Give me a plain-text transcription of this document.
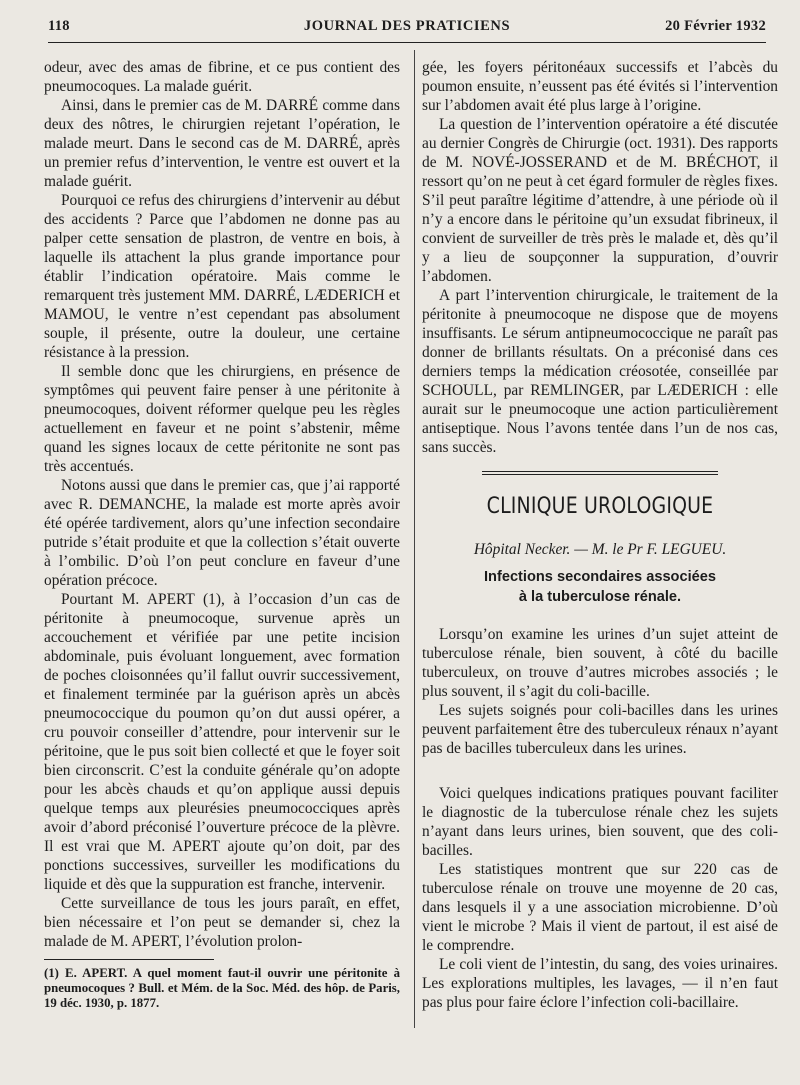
118	JOURNAL DES PRATICIENS	20 Février 1932

odeur, avec des amas de fibrine, et ce pus contient des pneumocoques. La malade guérit.

Ainsi, dans le premier cas de M. DARRÉ comme dans deux des nôtres, le chirurgien rejetant l’opération, le malade meurt. Dans le second cas de M. DARRÉ, après un premier refus d’intervention, le ventre est ouvert et la malade guérit.

Pourquoi ce refus des chirurgiens d’intervenir au début des accidents ? Parce que l’abdomen ne donne pas au palper cette sensation de plastron, de ventre en bois, à laquelle ils attachent la plus grande importance pour établir l’indication opératoire. Mais comme le remarquent très justement MM. DARRÉ, LÆDERICH et MAMOU, le ventre n’est cependant pas absolument souple, il présente, outre la douleur, une certaine résistance à la pression.

Il semble donc que les chirurgiens, en présence de symptômes qui peuvent faire penser à une péritonite à pneumocoques, doivent réformer quelque peu les règles actuellement en faveur et ne point s’abstenir, même quand les signes locaux de cette péritonite ne sont pas très accentués.

Notons aussi que dans le premier cas, que j’ai rapporté avec R. DEMANCHE, la malade est morte après avoir été opérée tardivement, alors qu’une infection secondaire putride s’était produite et que la collection s’était ouverte à l’ombilic. D’où l’on peut conclure en faveur d’une opération précoce.

Pourtant M. APERT (1), à l’occasion d’un cas de péritonite à pneumocoque, survenue après un accouchement et vérifiée par une petite incision abdominale, puis évoluant longuement, avec formation de poches cloisonnées qu’il fallut ouvrir successivement, et finalement terminée par la guérison après un abcès pneumococcique du poumon qu’on dut aussi opérer, a cru pouvoir conseiller d’attendre, pour intervenir sur le péritoine, que le pus soit bien collecté et que le foyer soit bien circonscrit. C’est la conduite générale qu’on adopte pour les abcès chauds et qu’on applique aussi depuis quelque temps aux pleurésies pneumococciques après avoir d’abord préconisé l’ouverture précoce de la plèvre. Il est vrai que M. APERT ajoute qu’on doit, par des ponctions successives, surveiller les modifications du liquide et dès que la suppuration est franche, intervenir.

Cette surveillance de tous les jours paraît, en effet, bien nécessaire et l’on peut se demander si, chez la malade de M. APERT, l’évolution prolon-

(1) E. APERT. A quel moment faut-il ouvrir une péritonite à pneumocoques ? Bull. et Mém. de la Soc. Méd. des hôp. de Paris, 19 déc. 1930, p. 1877.

gée, les foyers péritonéaux successifs et l’abcès du poumon ensuite, n’eussent pas été évités si l’intervention sur l’abdomen avait été plus large à l’origine.

La question de l’intervention opératoire a été discutée au dernier Congrès de Chirurgie (oct. 1931). Des rapports de M. NOVÉ-JOSSERAND et de M. BRÉCHOT, il ressort qu’on ne peut à cet égard formuler de règles fixes. S’il peut paraître légitime d’attendre, à une période où il n’y a encore dans le péritoine qu’un exsudat fibrineux, il convient de surveiller de très près le malade et, dès qu’il y a lieu de soupçonner la suppuration, d’ouvrir l’abdomen.

A part l’intervention chirurgicale, le traitement de la péritonite à pneumocoque ne dispose que de moyens insuffisants. Le sérum antipneumococcique ne paraît pas donner de brillants résultats. On a préconisé dans ces derniers temps la médication créosotée, conseillée par SCHOULL, par REMLINGER, par LÆDERICH : elle aurait sur le pneumocoque une action particulièrement antiseptique. Nous l’avons tentée dans l’un de nos cas, sans succès.

CLINIQUE UROLOGIQUE
Hôpital Necker. — M. le Pr F. LEGUEU.
Infections secondaires associées
à la tuberculose rénale.

Lorsqu’on examine les urines d’un sujet atteint de tuberculose rénale, bien souvent, à côté du bacille tuberculeux, on trouve d’autres microbes associés ; le plus souvent, il s’agit du coli-bacille.

Les sujets soignés pour coli-bacilles dans les urines peuvent parfaitement être des tuberculeux rénaux n’ayant pas de bacilles tuberculeux dans les urines.

Voici quelques indications pratiques pouvant faciliter le diagnostic de la tuberculose rénale chez les sujets n’ayant dans leurs urines, bien souvent, que des coli-bacilles.

Les statistiques montrent que sur 220 cas de tuberculose rénale on trouve une moyenne de 20 cas, dans lesquels il y a une association microbienne. D’où vient le microbe ? Mais il vient de partout, il est aisé de le comprendre.

Le coli vient de l’intestin, du sang, des voies urinaires. Les explorations multiples, les lavages, — il n’en faut pas plus pour faire éclore l’infection coli-bacillaire.
